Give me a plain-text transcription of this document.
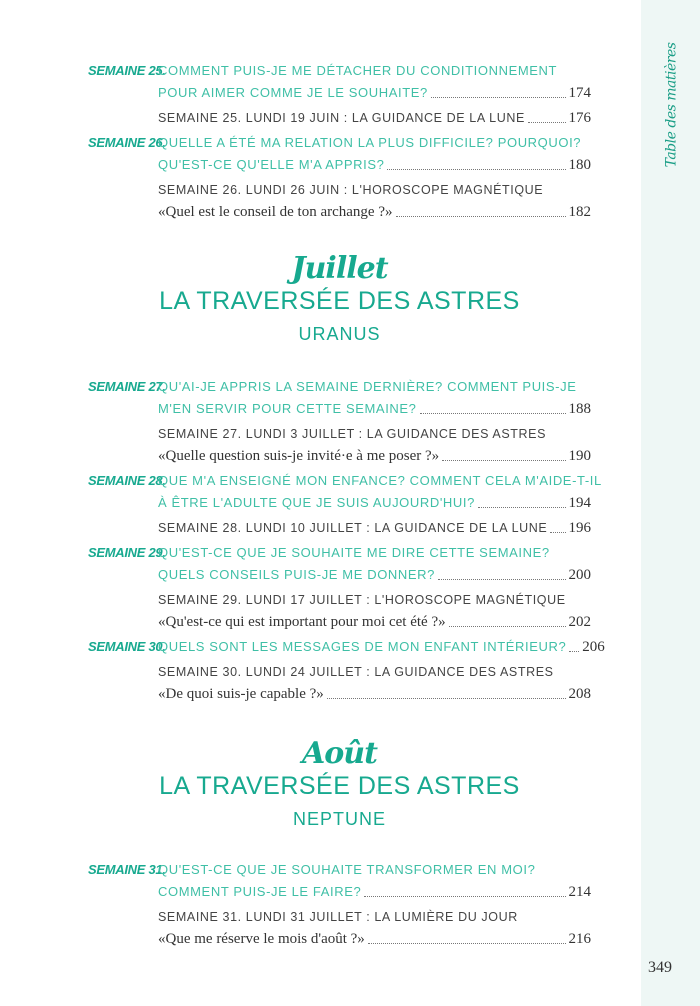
Table des matières
349
SEMAINE 25.
COMMENT PUIS-JE ME DÉTACHER DU CONDITIONNEMENT
POUR AIMER COMME JE LE SOUHAITE?	174
SEMAINE 25. LUNDI 19 JUIN : LA GUIDANCE DE LA LUNE	176
SEMAINE 26.
QUELLE A ÉTÉ MA RELATION LA PLUS DIFFICILE? POURQUOI?
QU'EST-CE QU'ELLE M'A APPRIS?	180
SEMAINE 26. LUNDI 26 JUIN : L'HOROSCOPE MAGNÉTIQUE
«Quel est le conseil de ton archange ?»	182
Juillet
LA TRAVERSÉE DES ASTRES
URANUS
SEMAINE 27.
QU'AI-JE APPRIS LA SEMAINE DERNIÈRE? COMMENT PUIS-JE
M'EN SERVIR POUR CETTE SEMAINE?	188
SEMAINE 27. LUNDI 3 JUILLET : LA GUIDANCE DES ASTRES
«Quelle question suis-je invité·e à me poser ?»	190
SEMAINE 28.
QUE M'A ENSEIGNÉ MON ENFANCE? COMMENT CELA M'AIDE-T-IL
À ÊTRE L'ADULTE QUE JE SUIS AUJOURD'HUI?	194
SEMAINE 28. LUNDI 10 JUILLET : LA GUIDANCE DE LA LUNE 196
SEMAINE 29.
QU'EST-CE QUE JE SOUHAITE ME DIRE CETTE SEMAINE?
QUELS CONSEILS PUIS-JE ME DONNER?	200
SEMAINE 29. LUNDI 17 JUILLET : L'HOROSCOPE MAGNÉTIQUE
«Qu'est-ce qui est important pour moi cet été ?»	202
SEMAINE 30.
QUELS SONT LES MESSAGES DE MON ENFANT INTÉRIEUR? 206
SEMAINE 30. LUNDI 24 JUILLET : LA GUIDANCE DES ASTRES
«De quoi suis-je capable ?»	208
Août
LA TRAVERSÉE DES ASTRES
NEPTUNE
SEMAINE 31.
QU'EST-CE QUE JE SOUHAITE TRANSFORMER EN MOI?
COMMENT PUIS-JE LE FAIRE?	214
SEMAINE 31. LUNDI 31 JUILLET : LA LUMIÈRE DU JOUR
«Que me réserve le mois d'août ?»	216
